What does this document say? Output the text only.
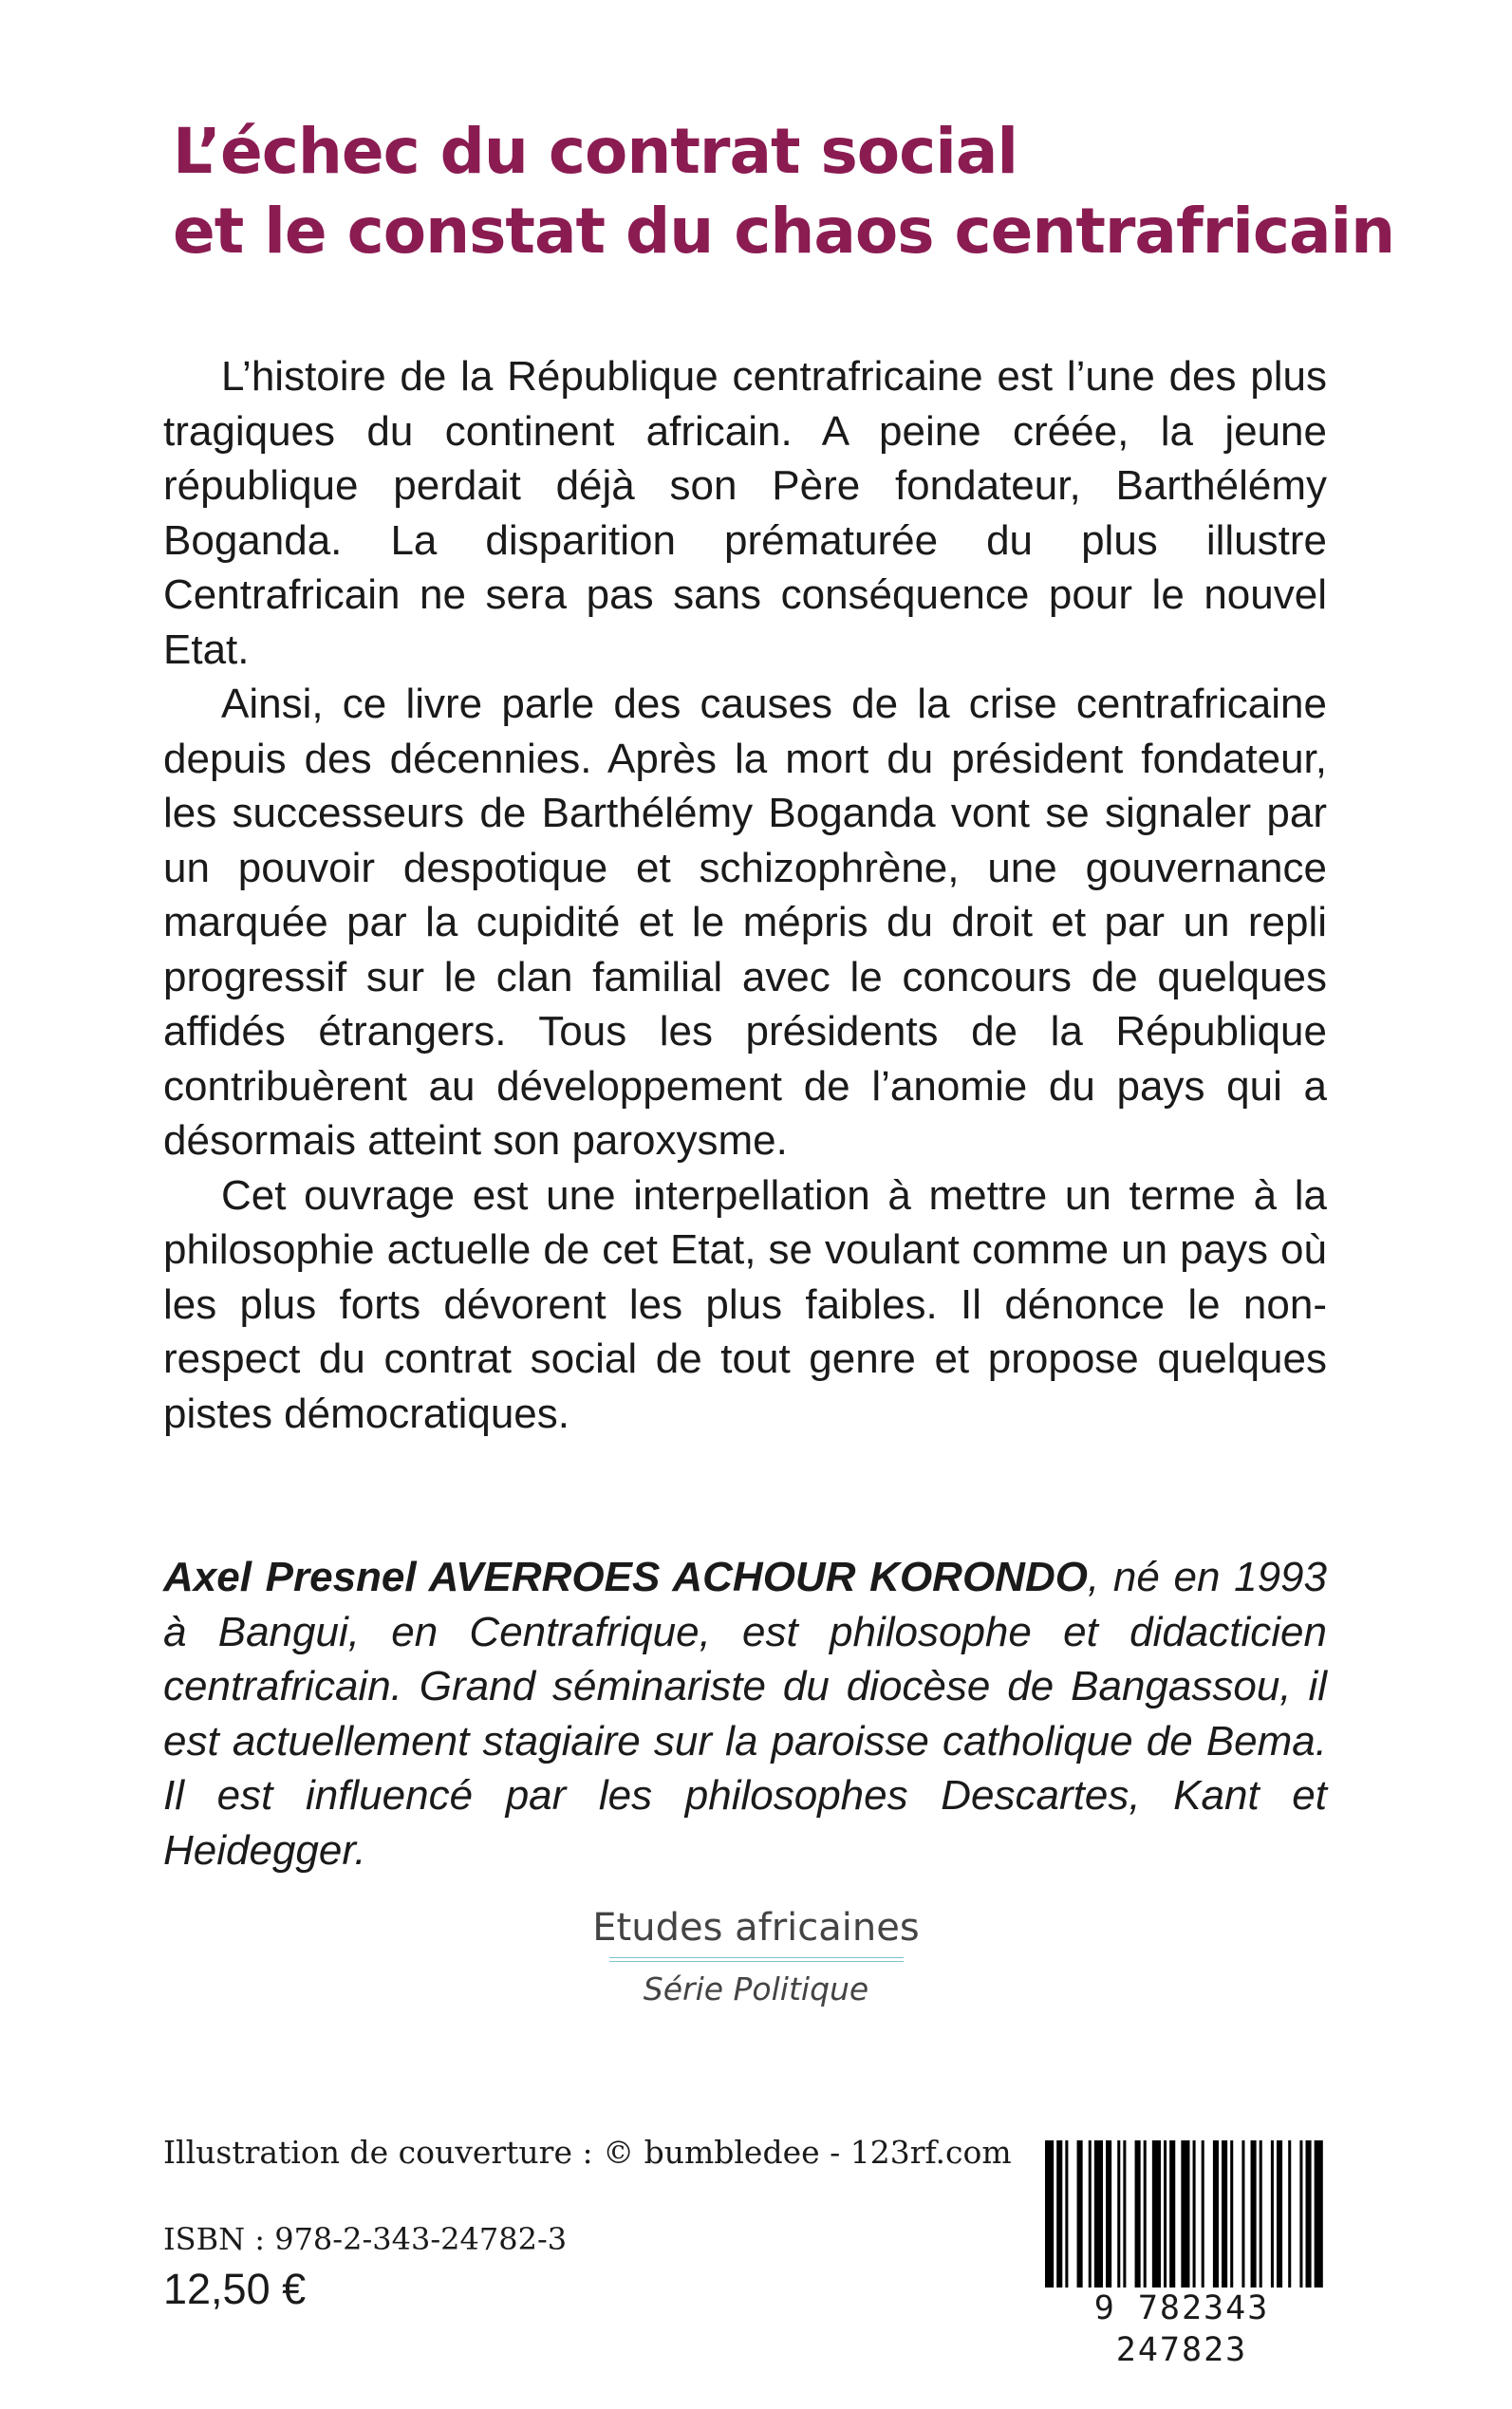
L’échec du contrat social
et le constat du chaos centrafricain

L’histoire de la République centrafricaine est l’une des plus tragiques du continent africain. A peine créée, la jeune république perdait déjà son Père fondateur, Barthélémy Boganda. La disparition prématurée du plus illustre Centrafricain ne sera pas sans conséquence pour le nouvel Etat.

Ainsi, ce livre parle des causes de la crise centrafricaine depuis des décennies. Après la mort du président fondateur, les successeurs de Barthélémy Boganda vont se signaler par un pouvoir despotique et schizophrène, une gouvernance marquée par la cupidité et le mépris du droit et par un repli progressif sur le clan familial avec le concours de quelques affidés étrangers. Tous les présidents de la République contribuèrent au développement de l’anomie du pays qui a désormais atteint son paroxysme.

Cet ouvrage est une interpellation à mettre un terme à la philosophie actuelle de cet Etat, se voulant comme un pays où les plus forts dévorent les plus faibles. Il dénonce le non-respect du contrat social de tout genre et propose quelques pistes démocratiques.

Axel Presnel AVERROES ACHOUR KORONDO, né en 1993 à Bangui, en Centrafrique, est philosophe et didacticien centrafricain. Grand séminariste du diocèse de Bangassou, il est actuellement stagiaire sur la paroisse catholique de Bema. Il est influencé par les philosophes Descartes, Kant et Heidegger.

Etudes africaines
Série Politique
Illustration de couverture : © bumbledee - 123rf.com
ISBN : 978-2-343-24782-3
12,50 €	9 782343 247823
